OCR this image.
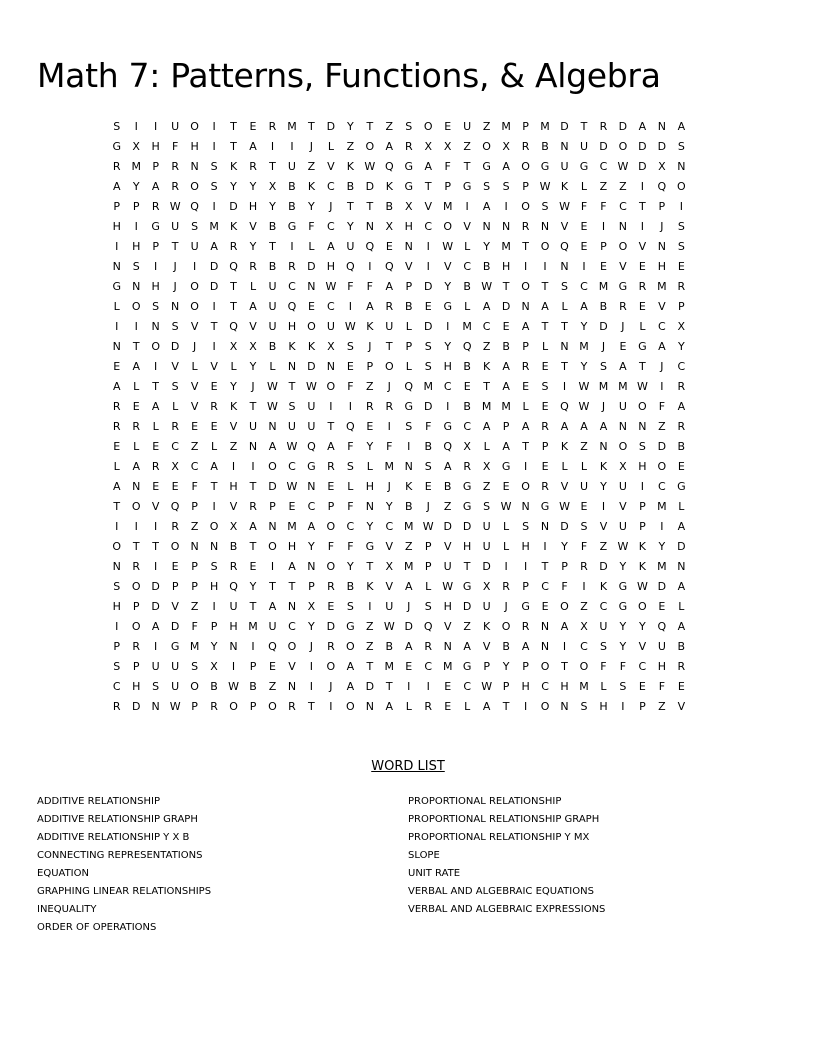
Math 7: Patterns, Functions, & Algebra
S	I	I	U	O	I	T	E	R M	T	D	Y	T	Z	S	O	E	U	Z M	P	M D	T	R	D	A	N	A
G	X	H	F	H	I	T	A	I	I	J	L	Z	O	A	R	X	X	Z	O	X	R	B	N	U	D O D D	S
R M	P	R	N	S	K	R	T	U	Z	V	K W Q G	A	F	T	G	A	O G	U	G	C W D	X	N
A	Y	A	R	O	S	Y	Y	X	B	K	C	B	D	K	G	T	P	G	S	S	P W K	L	Z	Z	I	Q O
P	P	R W Q	I	D	H	Y	B	Y	J	T	T	B	X	V M	I	A	I	O	S W F	F	C	T	P	I
H	I	G	U	S	M	K	V	B	G	F	C	Y	N	X	H	C	O	V	N	N	R	N	V	E	I	N	I	J	S
I	H	P	T	U	A	R	Y	T	I	L	A	U	Q	E	N	I	W L	Y	M	T	O Q	E	P	O	V	N	S
N	S	I	J	I	D Q	R	B	R	D	H Q	I	Q	V	I	V	C	B	H	I	I	N	I	E	V	E	H	E
G	N	H	J	O D	T	L	U	C	N W F	F	A	P	D	Y	B W T	O	T	S	C M G	R M R
L	O	S	N	O	I	T	A	U	Q	E	C	I	A	R	B	E	G	L	A	D	N	A	L	A	B	R	E	V	P
I	I	N	S	V	T	Q	V	U	H O	U W K	U	L	D	I	M C	E	A	T	T	Y	D	J	L	C	X
N	T	O D	J	I	X	X	B	K	K	X	S	J	T	P	S	Y	Q	Z	B	P	L	N M	J	E	G	A	Y
E	A	I	V	L	V	L	Y	L	N	D	N	E	P	O	L	S	H	B	K	A	R	E	T	Y	S	A	T	J	C
A	L	T	S	V	E	Y	J	W T W O	F	Z	J	Q M C	E	T	A	E	S	I	W M M W	I	R
R	E	A	L	V	R	K	T W S	U	I	I	R	R	G D	I	B M M	L	E	Q W	J	U	O	F	A
R	R	L	R	E	E	V	U	N	U	U	T	Q	E	I	S	F	G	C	A	P	A	R	A	A	A	N	N	Z	R
E	L	E	C	Z	L	Z	N	A W Q	A	F	Y	F	I	B	Q	X	L	A	T	P	K	Z	N	O	S	D	B
L	A	R	X	C	A	I	I	O	C	G	R	S	L	M N	S	A	R	X	G	I	E	L	L	K	X	H O	E
A	N	E	E	F	T	H	T	D W N	E	L	H	J	K	E	B	G	Z	E	O	R	V	U	Y	U	I	C	G
T	O	V	Q	P	I	V	R	P	E	C	P	F	N	Y	B	J	Z	G	S W N	G W E	I	V	P	M	L
I	I	I	R	Z	O	X	A	N M A	O	C	Y	C M W D D	U	L	S	N	D	S	V	U	P	I	A
O	T	T	O	N	N	B	T	O	H	Y	F	F	G	V	Z	P	V	H	U	L	H	I	Y	F	Z W K	Y	D
N	R	I	E	P	S	R	E	I	A	N	O	Y	T	X M	P	U	T	D	I	I	T	P	R	D	Y	K	M N
S	O D	P	P	H Q	Y	T	T	P	R	B	K	V	A	L W G	X	R	P	C	F	I	K	G W D	A
H	P	D	V	Z	I	U	T	A	N	X	E	S	I	U	J	S	H	D	U	J	G	E	O	Z	C	G O	E	L
I	O	A	D	F	P	H M U	C	Y	D G	Z W D Q	V	Z	K	O	R	N	A	X	U	Y	Y	Q	A
P	R	I	G M	Y	N	I	Q O	J	R	O	Z	B	A	R	N	A	V	B	A	N	I	C	S	Y	V	U	B
S	P	U	U	S	X	I	P	E	V	I	O	A	T	M	E	C M G	P	Y	P	O	T	O	F	F	C	H	R
C	H	S	U	O	B W B	Z	N	I	J	A	D	T	I	I	E	C W P	H	C	H M	L	S	E	F	E
R	D	N W P	R	O	P	O	R	T	I	O	N	A	L	R	E	L	A	T	I	O	N	S	H	I	P	Z	V
WORD LIST
ADDITIVE RELATIONSHIP
ADDITIVE RELATIONSHIP GRAPH
ADDITIVE RELATIONSHIP Y X B
CONNECTING REPRESENTATIONS
EQUATION
GRAPHING LINEAR RELATIONSHIPS
INEQUALITY
ORDER OF OPERATIONS
PROPORTIONAL RELATIONSHIP
PROPORTIONAL RELATIONSHIP GRAPH
PROPORTIONAL RELATIONSHIP Y MX
SLOPE
UNIT RATE
VERBAL AND ALGEBRAIC EQUATIONS
VERBAL AND ALGEBRAIC EXPRESSIONS
